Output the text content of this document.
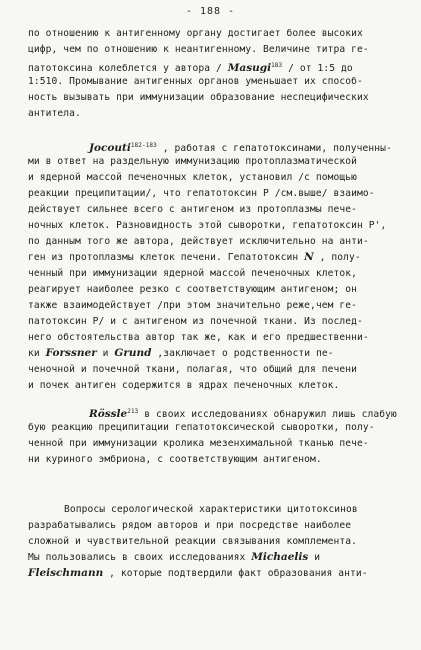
- 188 -
по отношению к антигенному органу достигает более высоких
цифр, чем по отношению к неантигенному. Величине титра ге-
патотоксина колеблется у автора / Masugi$^{183}$ / от 1:5 до
1:510. Промывание антигенных органов уменьшает их способ-
ность вызывать при иммунизации образование неспецифических
антитела.
Jocouti$^{182-183}$ , работая с гепатотоксинами, полученны-
ми в ответ на раздельную иммунизацию протоплазматической
и ядерной массой печеночных клеток, установил /с помощью
реакции преципитации/, что гепатотоксин Р /см.выше/ взаимо-
действует сильнее всего с антигеном из протоплазмы пече-
ночных клеток. Разновидность этой сыворотки, гепатотоксин Р',
по данным того же автора, действует исключительно на анти-
ген из протоплазмы клеток печени. Гепатотоксин N , полу-
ченный при иммунизации ядерной массой печеночных клеток,
реагирует наиболее резко с соответствующим антигеном; он
также взаимодействует /при этом значительно реже,чем ге-
патотоксин Р/ и с антигеном из почечной ткани. Из послед-
него обстоятельства автор так же, как и его предшественни-
ки Forssner и Grund ,заключает о родственности пе-
ченочной и почечной ткани, полагая, что общий для печени
и почек антиген содержится в ядрах печеночных клеток.
Rössle$^{213}$ в своих исследованиях обнаружил лишь слабую
бую реакцию преципитации гепатотоксической сыворотки, полу-
ченной при иммунизации кролика мезенхимальной тканью пече-
ни куриного эмбриона, с соответствующим антигеном.
Вопросы серологической характеристики цитотоксинов
разрабатывались рядом авторов и при посредстве наиболее
сложной и чувствительной реакции связывания комплемента.
Мы пользовались в своих исследованиях Michaelis и
Fleischmann , которые подтвердили факт образования анти-
